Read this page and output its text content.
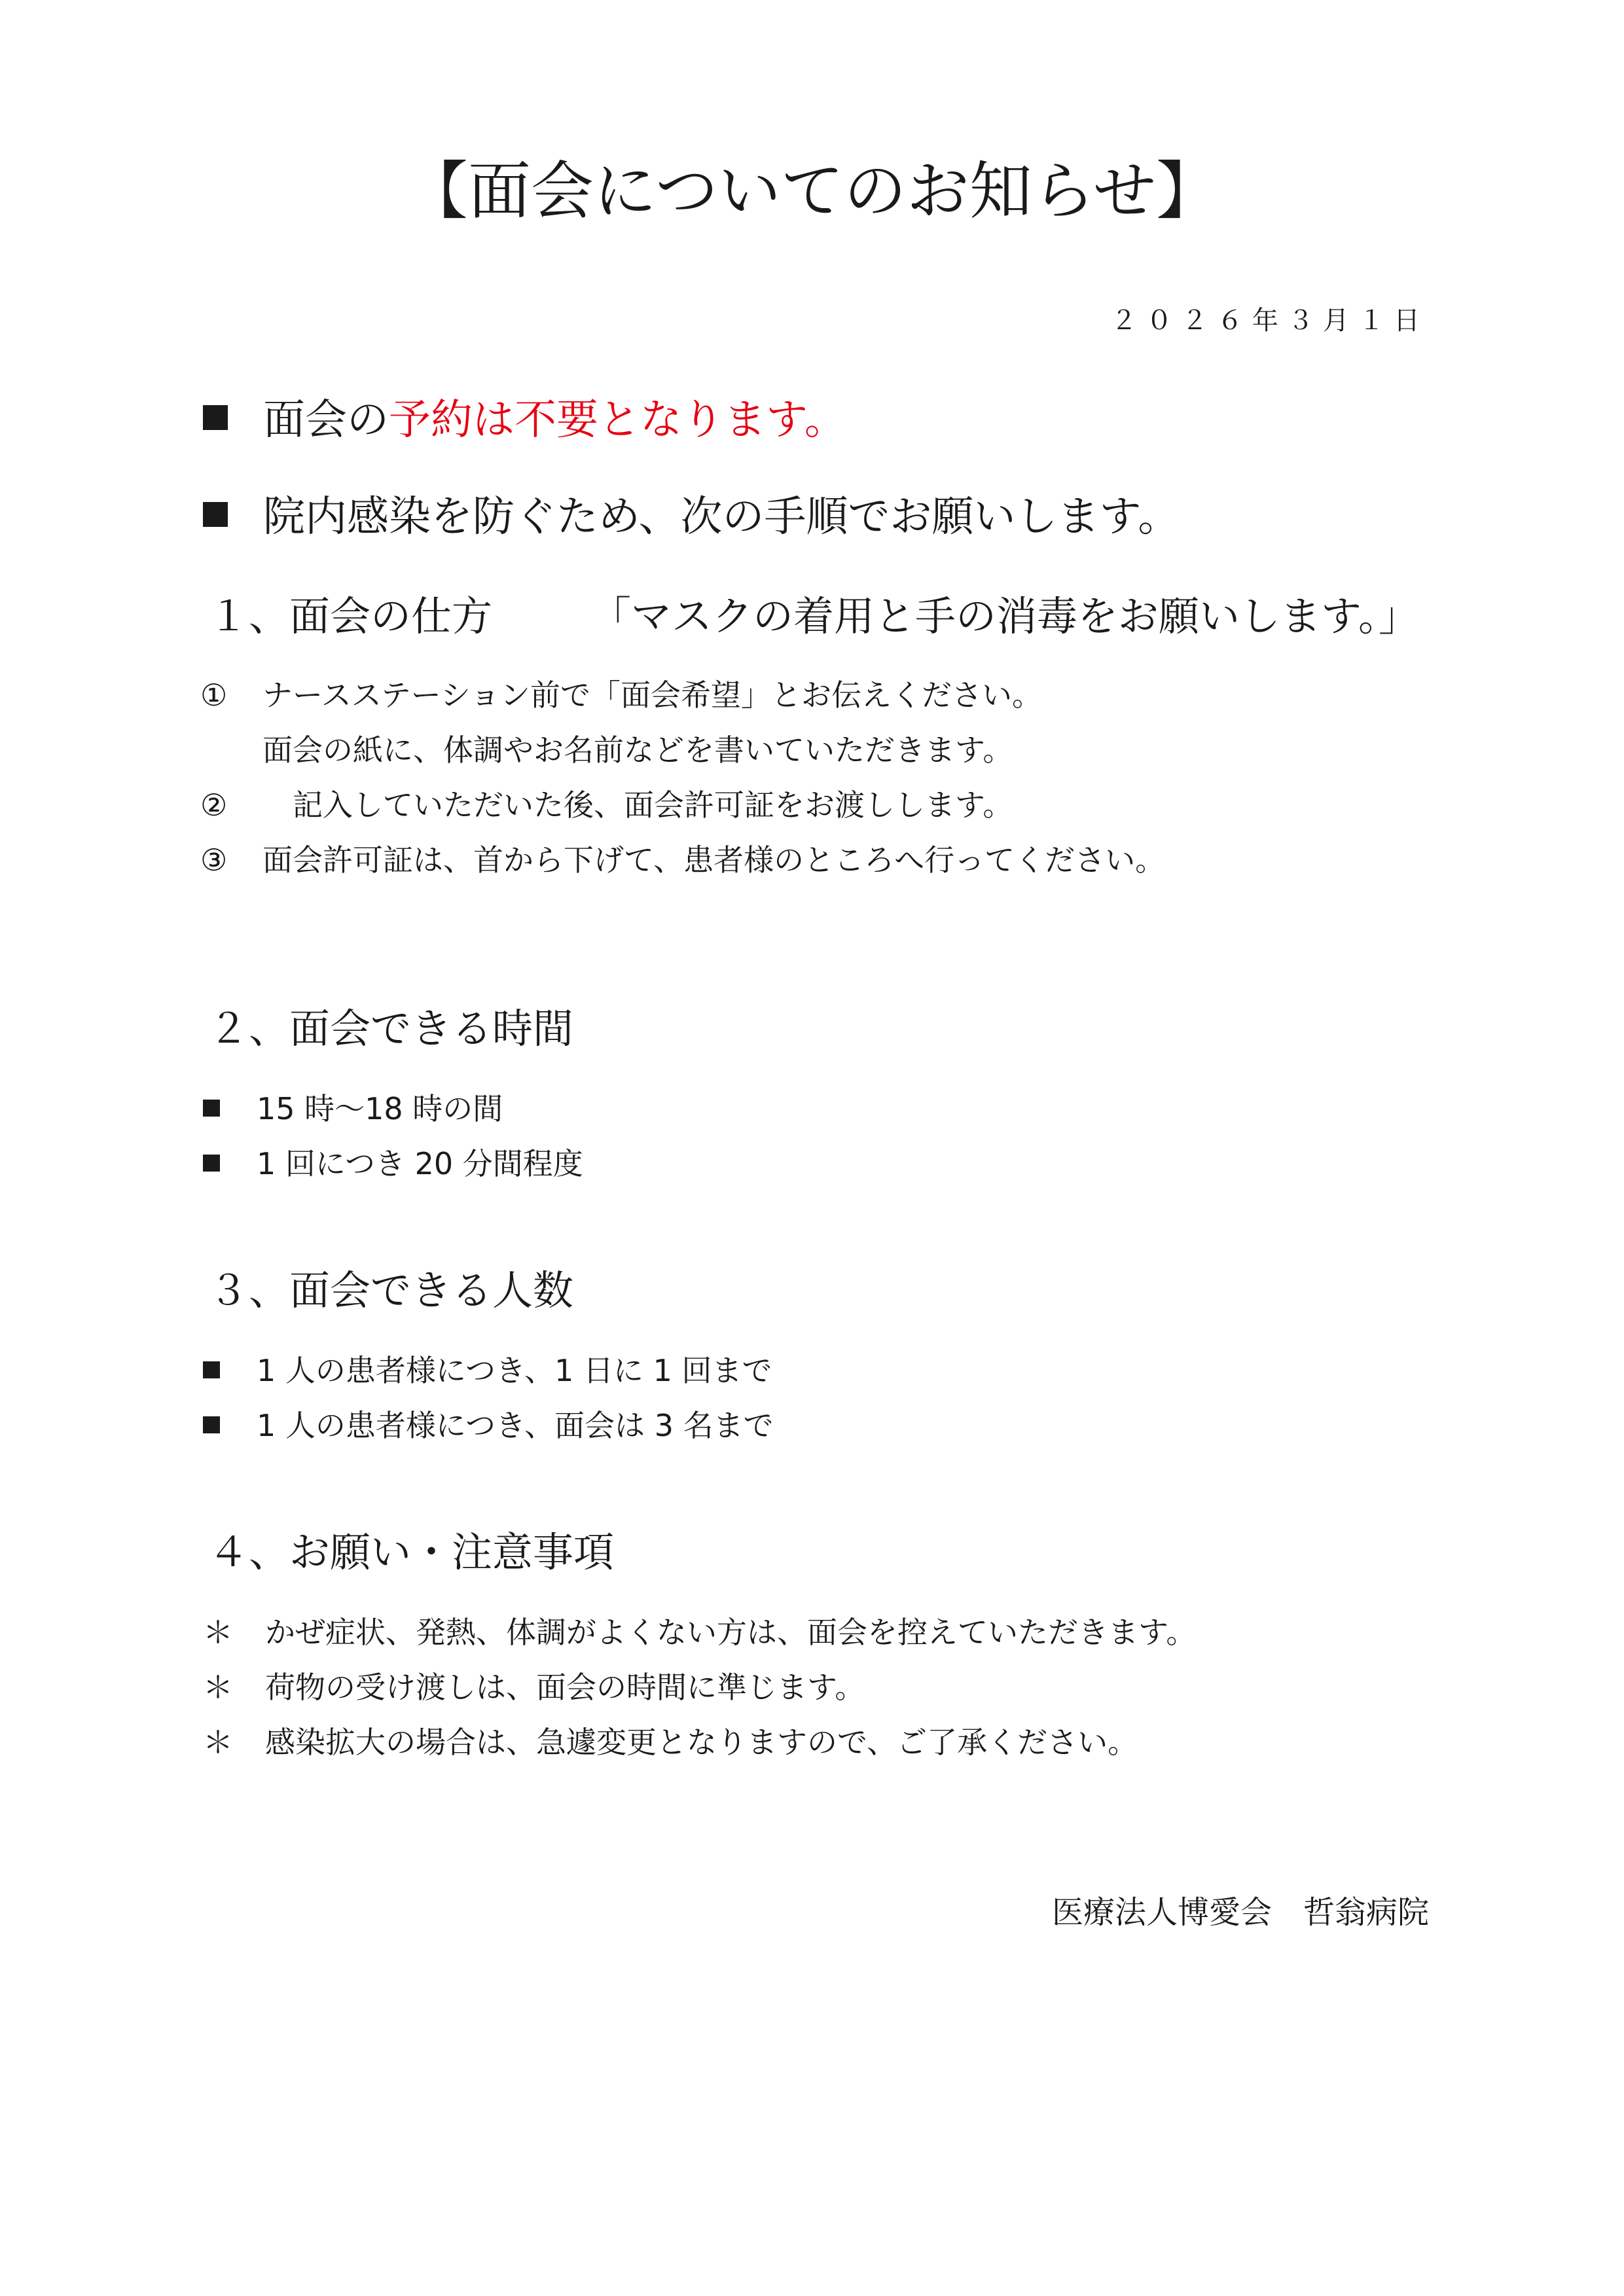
【面会についてのお知らせ】
２０２６年３月１日
面会の予約は不要となります。
院内感染を防ぐため、次の手順でお願いします。
１、面会の仕方 「マスクの着用と手の消毒をお願いします。」
① ナースステーション前で「面会希望」とお伝えください。
面会の紙に、体調やお名前などを書いていただきます。
②　記入していただいた後、面会許可証をお渡しします。
③ 面会許可証は、首から下げて、患者様のところへ行ってください。
２、面会できる時間
15 時～18 時の間
1 回につき 20 分間程度
３、面会できる人数
1 人の患者様につき、1 日に 1 回まで
1 人の患者様につき、面会は 3 名まで
４、お願い・注意事項
＊ かぜ症状、発熱、体調がよくない方は、面会を控えていただきます。
＊ 荷物の受け渡しは、面会の時間に準じます。
＊ 感染拡大の場合は、急遽変更となりますので、ご了承ください。
医療法人博愛会　哲翁病院
